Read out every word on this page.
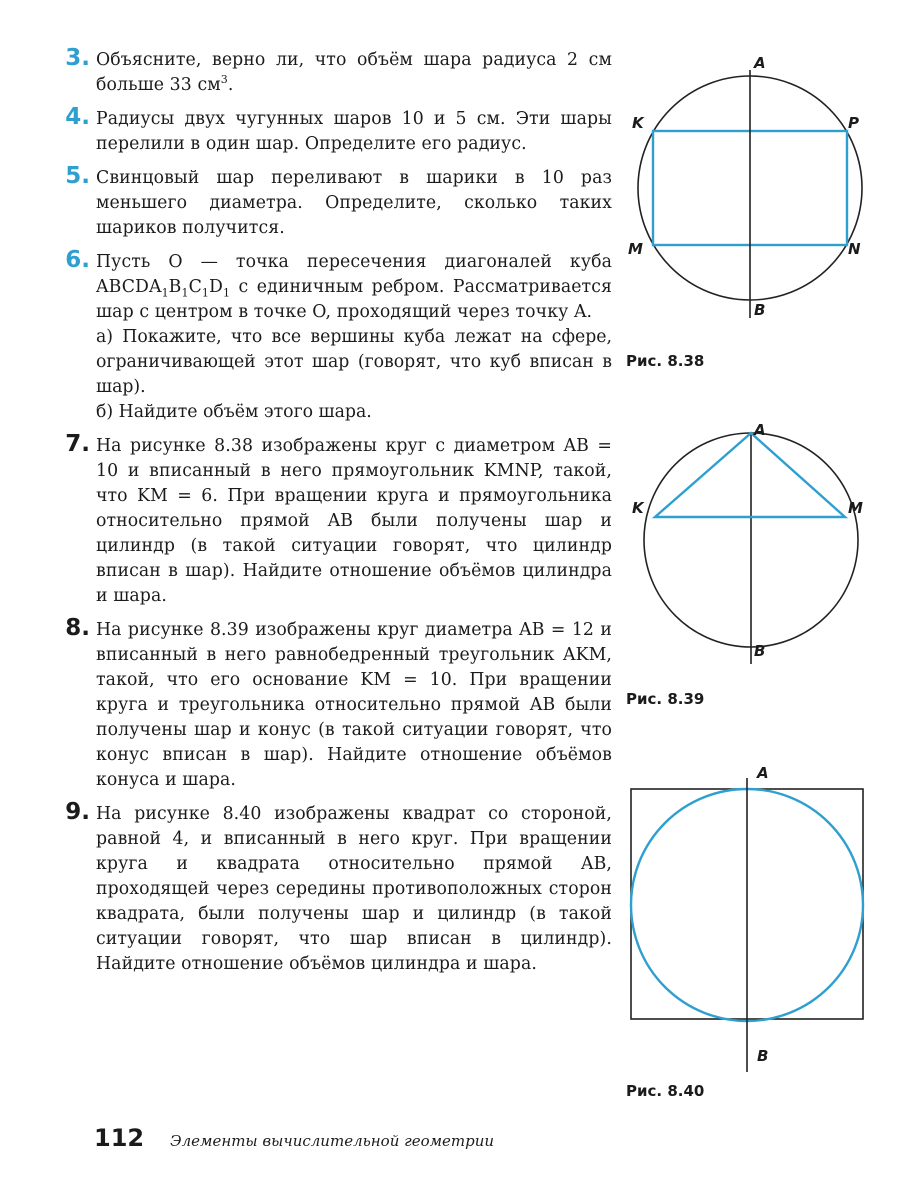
3. Объясните, верно ли, что объём шара радиуса 2 см больше 33 $см^3$.

4. Радиусы двух чугунных шаров 10 и 5 см. Эти шары перелили в один шар. Определите его радиус.

5. Свинцовый шар переливают в шарики в 10 раз меньшего диаметра. Определите, сколько таких шариков получится.

6. Пусть O — точка пересечения диагоналей куба $ABCDA_1B_1C_1D_1$ с единичным ребром. Рассматривается шар с центром в точке O, проходящий через точку A.

а) Покажите, что все вершины куба лежат на сфере, ограничивающей этот шар (говорят, что куб вписан в шар).

б) Найдите объём этого шара.

7. На рисунке 8.38 изображены круг с диаметром AB = 10 и вписанный в него прямоугольник KMNP, такой, что KM = 6. При вращении круга и прямоугольника относительно прямой AB были получены шар и цилиндр (в такой ситуации говорят, что цилиндр вписан в шар). Найдите отношение объёмов цилиндра и шара.

8. На рисунке 8.39 изображены круг диаметра AB = 12 и вписанный в него равнобедренный треугольник AKM, такой, что его основание KM = 10. При вращении круга и треугольника относительно прямой AB были получены шар и конус (в такой ситуации говорят, что конус вписан в шар). Найдите отношение объёмов конуса и шара.

9. На рисунке 8.40 изображены квадрат со стороной, равной 4, и вписанный в него круг. При вращении круга и квадрата относительно прямой AB, проходящей через середины противоположных сторон квадрата, были получены шар и цилиндр (в такой ситуации говорят, что шар вписан в цилиндр). Найдите отношение объёмов цилиндра и шара.

A
B
K	P
M	N
Рис. 8.38
A
B
K	M
Рис. 8.39
A
B
Рис. 8.40
112 Элементы вычислительной геометрии
